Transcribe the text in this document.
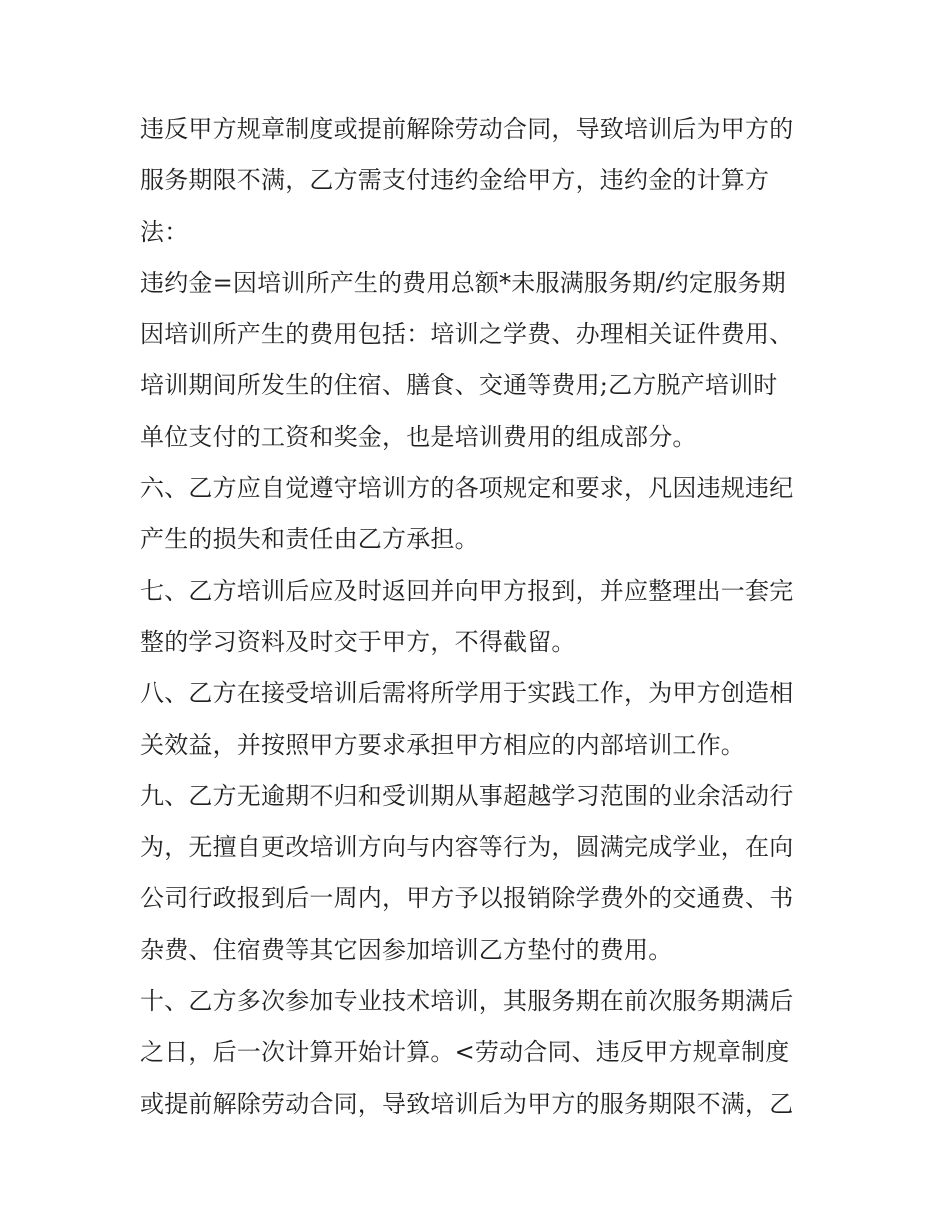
违反甲方规章制度或提前解除劳动合同，导致培训后为甲方的
服务期限不满，乙方需支付违约金给甲方，违约金的计算方
法：
违约金=因培训所产生的费用总额*未服满服务期/约定服务期
因培训所产生的费用包括：培训之学费、办理相关证件费用、
培训期间所发生的住宿、膳食、交通等费用;乙方脱产培训时
单位支付的工资和奖金，也是培训费用的组成部分。
六、乙方应自觉遵守培训方的各项规定和要求，凡因违规违纪
产生的损失和责任由乙方承担。
七、乙方培训后应及时返回并向甲方报到，并应整理出一套完
整的学习资料及时交于甲方，不得截留。
八、乙方在接受培训后需将所学用于实践工作，为甲方创造相
关效益，并按照甲方要求承担甲方相应的内部培训工作。
九、乙方无逾期不归和受训期从事超越学习范围的业余活动行
为，无擅自更改培训方向与内容等行为，圆满完成学业，在向
公司行政报到后一周内，甲方予以报销除学费外的交通费、书
杂费、住宿费等其它因参加培训乙方垫付的费用。
十、乙方多次参加专业技术培训，其服务期在前次服务期满后
之日，后一次计算开始计算。<劳动合同、违反甲方规章制度
或提前解除劳动合同，导致培训后为甲方的服务期限不满，乙
